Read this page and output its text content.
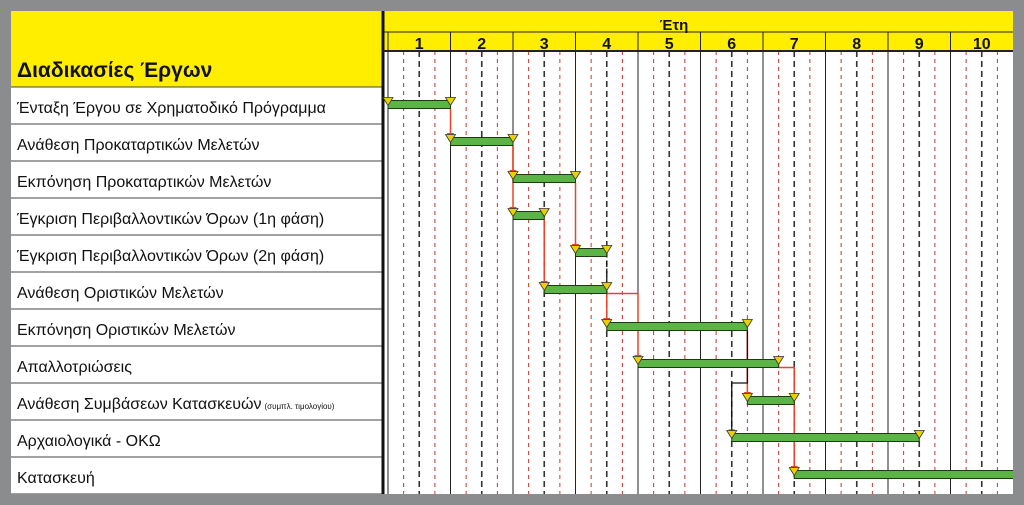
1	2	3	4	5	6	7	8	9	10
Διαδικασίες Έργων
Έτη
Ένταξη Έργου σε Χρηματοδικό Πρόγραμμα
Ανάθεση Προκαταρτικών Μελετών
Εκπόνηση Προκαταρτικών Μελετών
Έγκριση Περιβαλλοντικών Όρων (1η φάση)
Έγκριση Περιβαλλοντικών Όρων (2η φάση)
Ανάθεση Οριστικών Μελετών
Εκπόνηση Οριστικών Μελετών
Απαλλοτριώσεις
Ανάθεση Συμβάσεων Κατασκευών (συμπλ. τιμολογίου)
Αρχαιολογικά - ΟΚΩ
Κατασκευή
